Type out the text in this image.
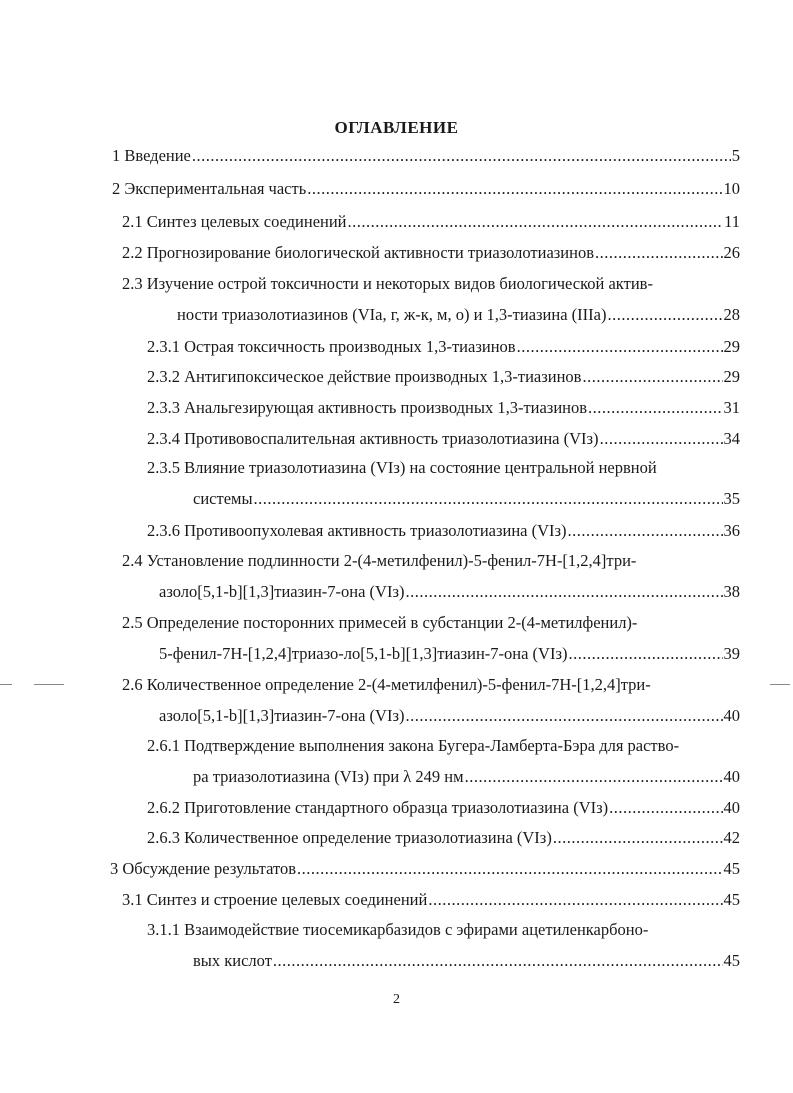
ОГЛАВЛЕНИЕ
1 Введение .....	5
2 Экспериментальная часть .....	10
2.1 Синтез целевых соединений .....	11
2.2 Прогнозирование биологической активности триазолотиазинов .....	26
2.3 Изучение острой токсичности и некоторых видов биологической актив-
ности триазолотиазинов (VIа, г, ж-к, м, о) и 1,3-тиазина (IIIа) .....	28
2.3.1 Острая токсичность производных 1,3-тиазинов .....	29
2.3.2 Антигипоксическое действие производных 1,3-тиазинов .....	29
2.3.3 Анальгезирующая активность производных 1,3-тиазинов .....	31
2.3.4 Противовоспалительная активность триазолотиазина (VIз) .....	34
2.3.5 Влияние триазолотиазина (VIз) на состояние центральной нервной
системы .....	35
2.3.6 Противоопухолевая активность триазолотиазина (VIз) .....	36
2.4 Установление подлинности 2-(4-метилфенил)-5-фенил-7H-[1,2,4]три-
азоло[5,1-b][1,3]тиазин-7-она (VIз) .....	38
2.5 Определение посторонних примесей в субстанции 2-(4-метилфенил)-
5-фенил-7H-[1,2,4]триазо-ло[5,1-b][1,3]тиазин-7-она (VIз) .....	39
2.6 Количественное определение 2-(4-метилфенил)-5-фенил-7H-[1,2,4]три-
азоло[5,1-b][1,3]тиазин-7-она (VIз) .....	40
2.6.1 Подтверждение выполнения закона Бугера-Ламберта-Бэра для раство-
ра триазолотиазина (VIз) при λ 249 нм .....	40
2.6.2 Приготовление стандартного образца триазолотиазина (VIз) .....	40
2.6.3 Количественное определение триазолотиазина (VIз) .....	42
3 Обсуждение результатов .....	45
3.1 Синтез и строение целевых соединений .....	45
3.1.1 Взаимодействие тиосемикарбазидов с эфирами ацетиленкарбоно-
вых кислот .....	45
2
